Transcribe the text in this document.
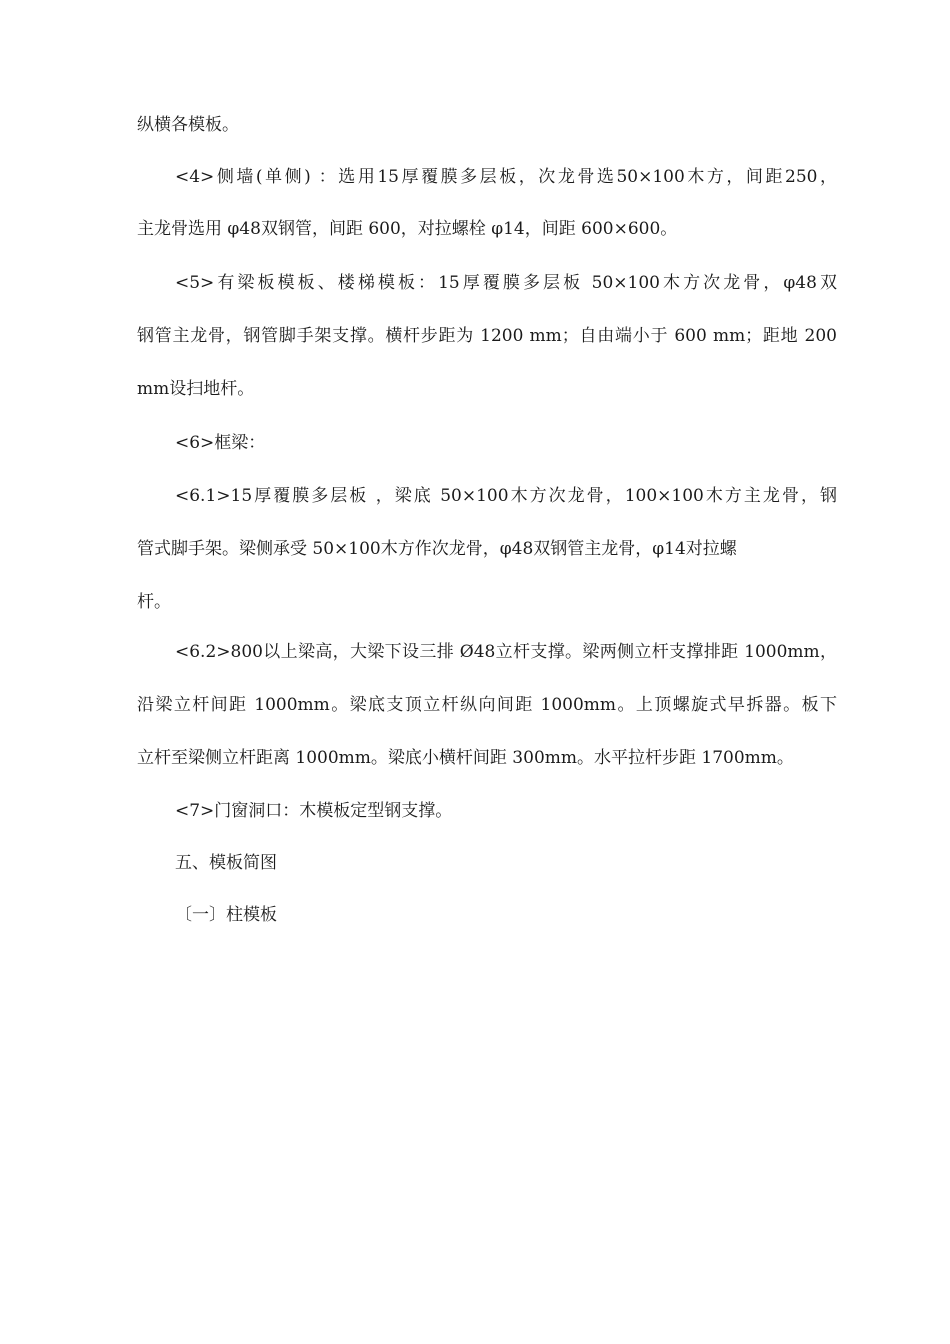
纵横各模板。
<4>侧墙(单侧) ：选用15厚覆膜多层板，次龙骨选50×100木方，间距250，
主龙骨选用 φ48双钢管，间距 600，对拉螺栓 φ14，间距 600×600。
<5>有梁板模板、楼梯模板：15厚覆膜多层板 50×100木方次龙骨，φ48双
钢管主龙骨，钢管脚手架支撑。横杆步距为 1200 mm；自由端小于 600 mm；距地 200
mm设扫地杆。
<6>框梁：
<6.1>15厚覆膜多层板 ，梁底 50×100木方次龙骨，100×100木方主龙骨，钢
管式脚手架。梁侧承受 50×100木方作次龙骨，φ48双钢管主龙骨，φ14对拉螺
杆。
<6.2>800以上梁高，大梁下设三排 Ø48立杆支撑。梁两侧立杆支撑排距 1000mm，
沿梁立杆间距 1000mm。梁底支顶立杆纵向间距 1000mm。上顶螺旋式早拆器。板下
立杆至梁侧立杆距离 1000mm。梁底小横杆间距 300mm。水平拉杆步距 1700mm。
<7>门窗洞口：木模板定型钢支撑。
五、模板简图
〔一〕柱模板
